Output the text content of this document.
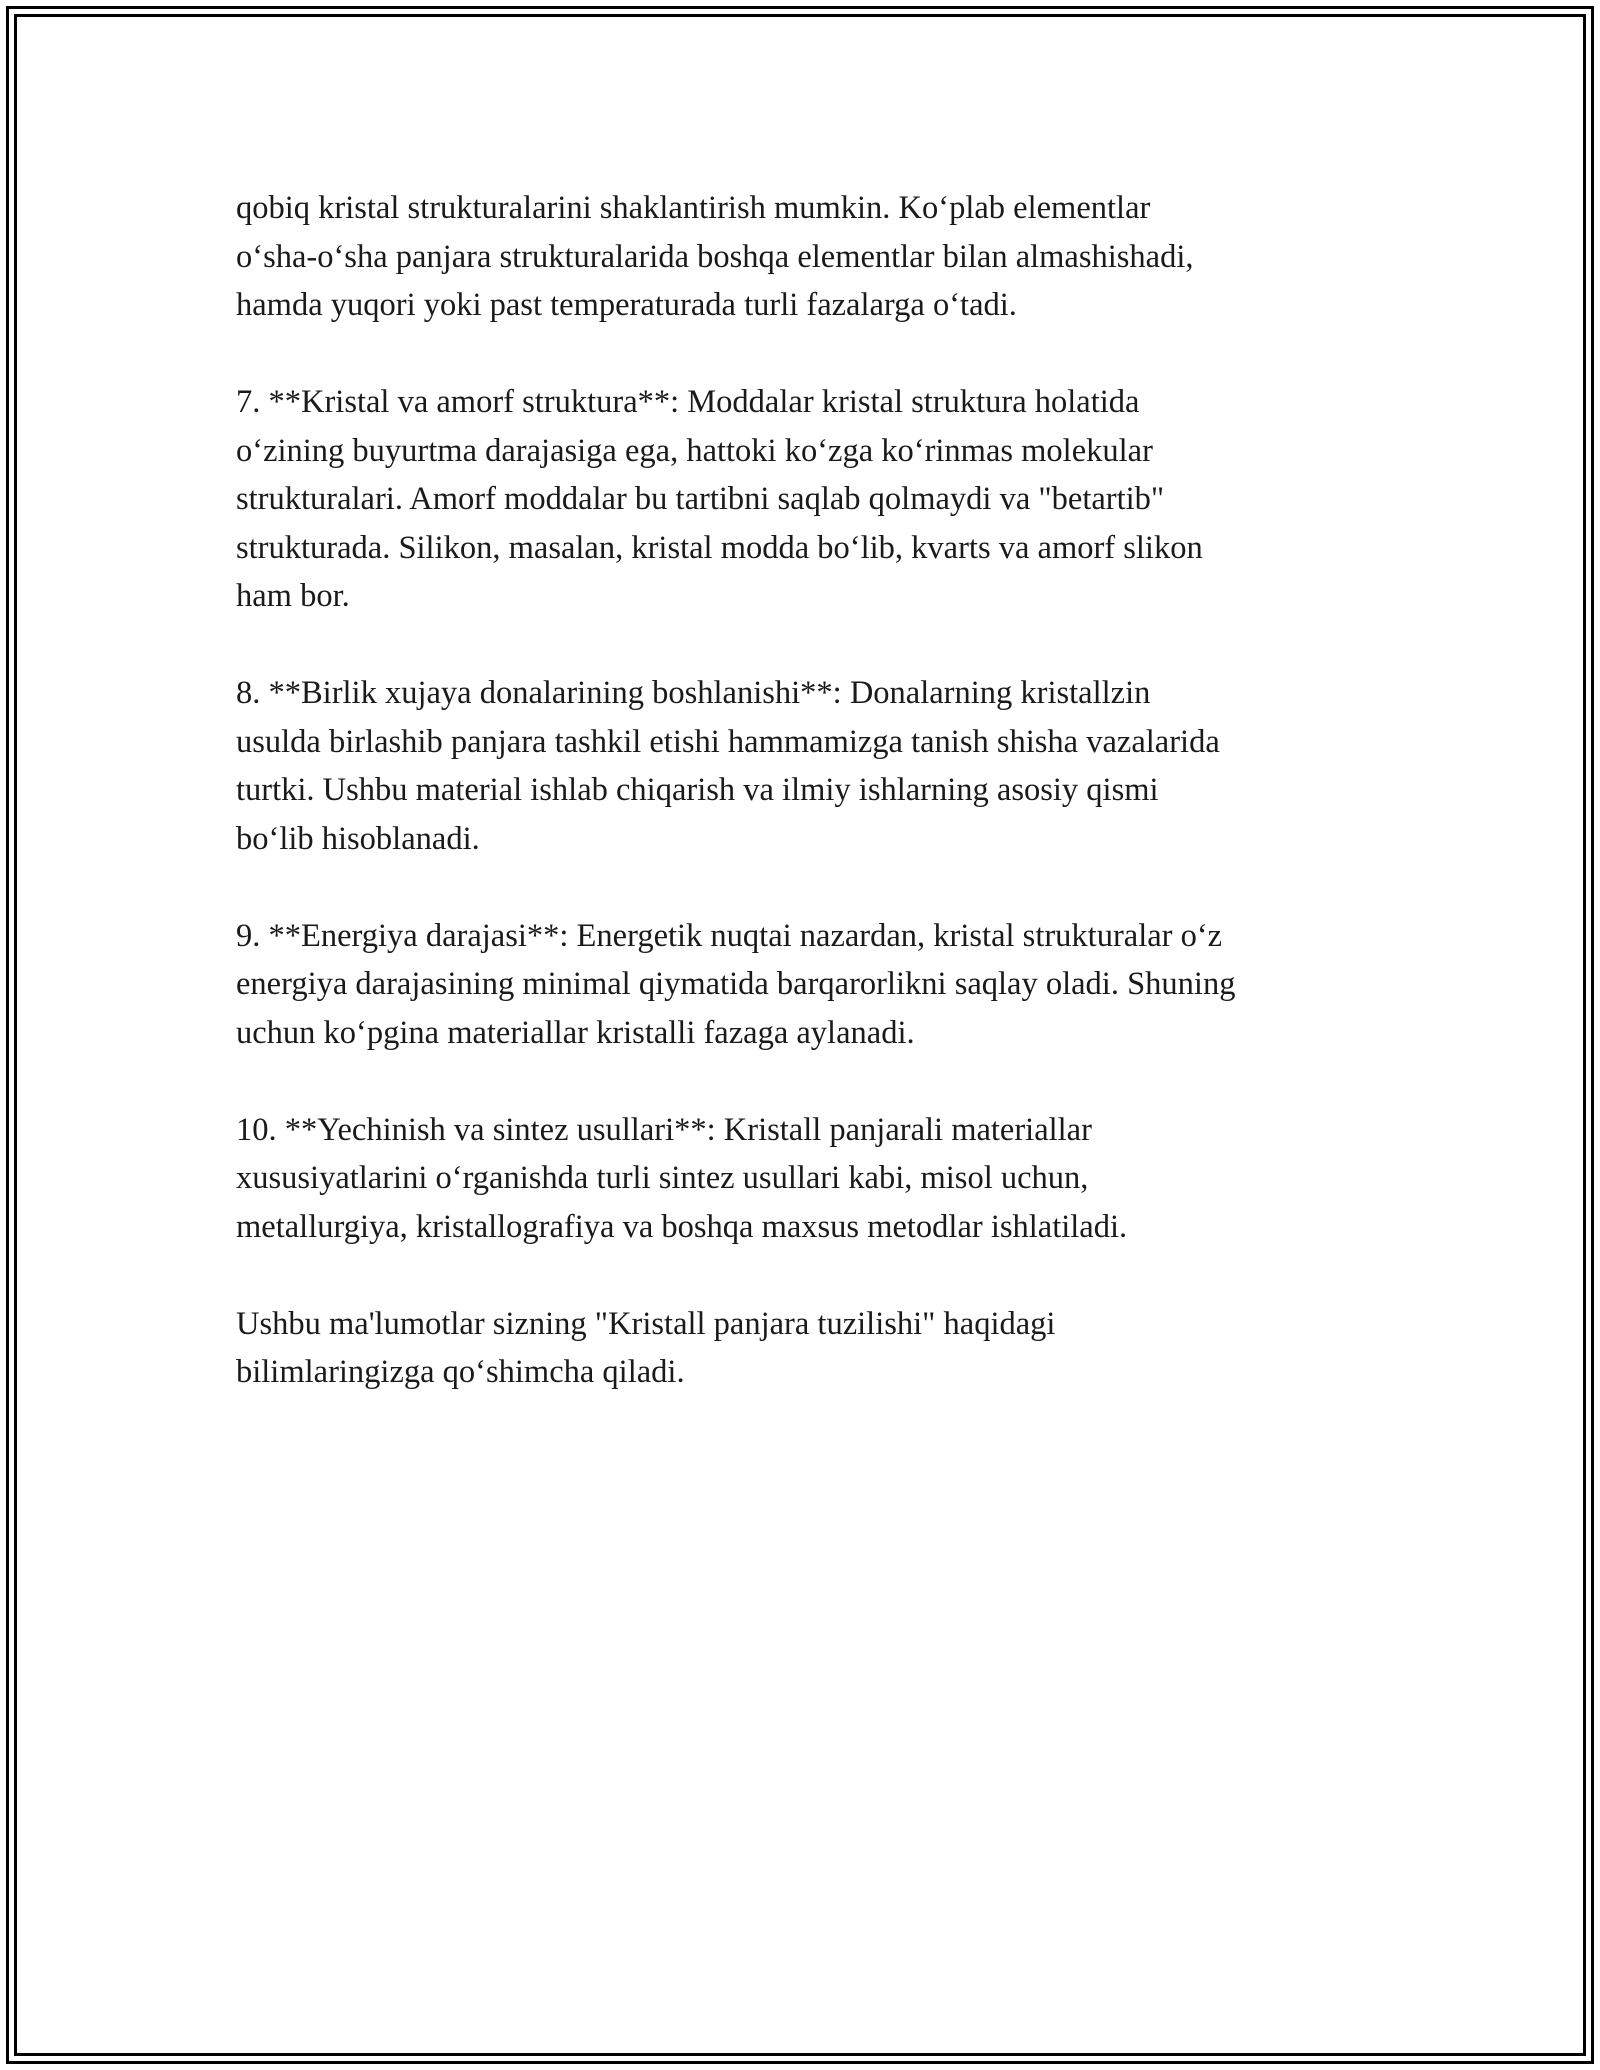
qobiq kristal strukturalarini shaklantirish mumkin. Ko‘plab elementlar
o‘sha-o‘sha panjara strukturalarida boshqa elementlar bilan almashishadi,
hamda yuqori yoki past temperaturada turli fazalarga o‘tadi.

7. **Kristal va amorf struktura**: Moddalar kristal struktura holatida
o‘zining buyurtma darajasiga ega, hattoki ko‘zga ko‘rinmas molekular
strukturalari. Amorf moddalar bu tartibni saqlab qolmaydi va "betartib"
strukturada. Silikon, masalan, kristal modda bo‘lib, kvarts va amorf slikon
ham bor.

8. **Birlik xujaya donalarining boshlanishi**: Donalarning kristallzin
usulda birlashib panjara tashkil etishi hammamizga tanish shisha vazalarida
turtki. Ushbu material ishlab chiqarish va ilmiy ishlarning asosiy qismi
bo‘lib hisoblanadi.

9. **Energiya darajasi**: Energetik nuqtai nazardan, kristal strukturalar o‘z
energiya darajasining minimal qiymatida barqarorlikni saqlay oladi. Shuning
uchun ko‘pgina materiallar kristalli fazaga aylanadi.

10. **Yechinish va sintez usullari**: Kristall panjarali materiallar
xususiyatlarini o‘rganishda turli sintez usullari kabi, misol uchun,
metallurgiya, kristallografiya va boshqa maxsus metodlar ishlatiladi.

Ushbu ma'lumotlar sizning "Kristall panjara tuzilishi" haqidagi
bilimlaringizga qo‘shimcha qiladi.
